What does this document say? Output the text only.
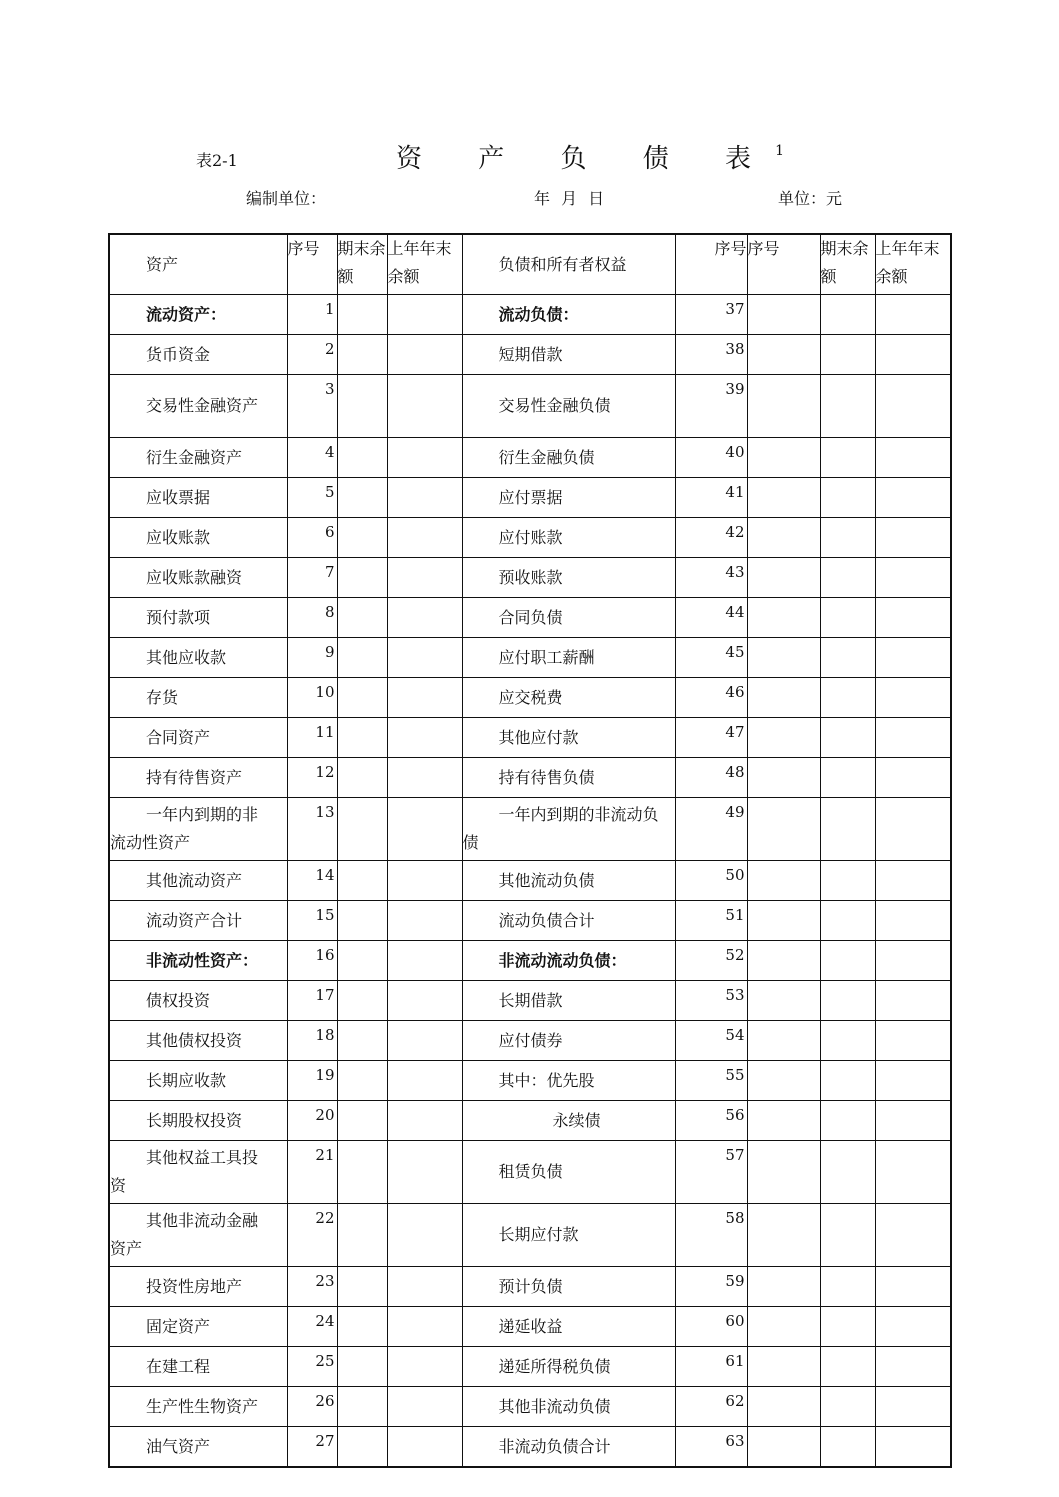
表2-1	资 产 负 债 表$^1$
编制单位：	年 月 日	单位：元
资产	序号	期末余额	上年年末余额	负债和所有者权益	序号	序号	期末余额	上年年末余额
流动资产：	1			流动负债：	37			
货币资金	2			短期借款	38			
交易性金融资产	3			交易性金融负债	39			
衍生金融资产	4			衍生金融负债	40			
应收票据	5			应付票据	41			
应收账款	6			应付账款	42			
应收账款融资	7			预收账款	43			
预付款项	8			合同负债	44			
其他应收款	9			应付职工薪酬	45			
存货	10			应交税费	46			
合同资产	11			其他应付款	47			
持有待售资产	12			持有待售负债	48			
一年内到期的非流动性资产	13			一年内到期的非流动负债	49			
其他流动资产	14			其他流动负债	50			
流动资产合计	15			流动负债合计	51			
非流动性资产：	16			非流动流动负债：	52			
债权投资	17			长期借款	53			
其他债权投资	18			应付债券	54			
长期应收款	19			其中：优先股	55			
长期股权投资	20			永续债	56			
其他权益工具投资	21			租赁负债	57			
其他非流动金融资产	22			长期应付款	58			
投资性房地产	23			预计负债	59			
固定资产	24			递延收益	60			
在建工程	25			递延所得税负债	61			
生产性生物资产	26			其他非流动负债	62			
油气资产	27			非流动负债合计	63			
